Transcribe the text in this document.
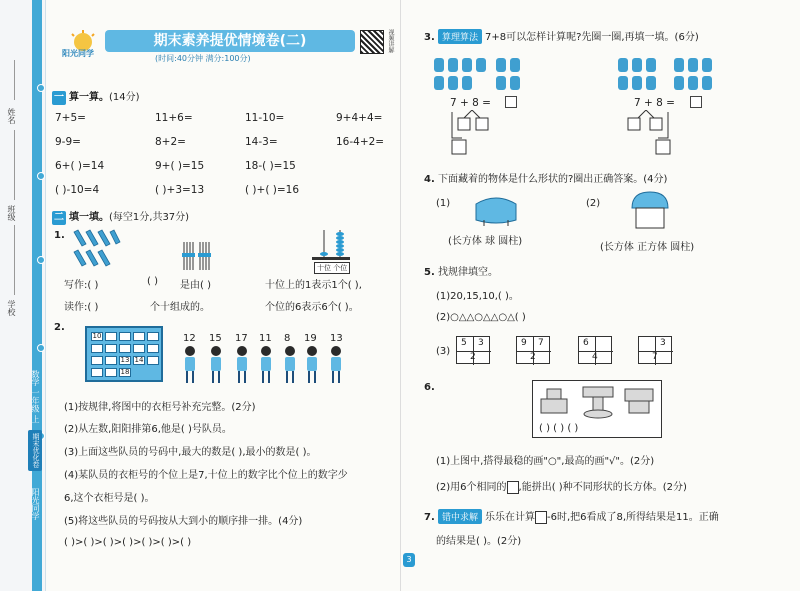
姓名
班级
学校
数学 一年级 上
期末优化卷
阳光同学
阳光同学
期末素养提优情境卷(二)
(时间:40分钟 满分:100分)
视频讲解
一 算一算。(14分)
7+5=	11+6=	11-10=	9+4+4=
9-9=	8+2=	14-3=	16-4+2=
6+( )=14	9+( )=15	18-( )=15
( )-10=4	( )+3=13	( )+( )=16
二 填一填。(每空1分,共37分)
1.
十位 个位
写作:( )	( ) 是由( )	十位上的1表示1个( ),
读作:( )	个十组成的。	个位的6表示6个( )。
2.
10
13 14
18
12 15 17 11 8 19 13
(1)按规律,将图中的衣柜号补充完整。(2分)
(2)从左数,阳阳排第6,他是( )号队员。
(3)上面这些队员的号码中,最大的数是( ),最小的数是( )。
(4)某队员的衣柜号的个位上是7,十位上的数字比个位上的数字少
6,这个衣柜号是( )。
(5)将这些队员的号码按从大到小的顺序排一排。(4分)
( )>( )>( )>( )>( )>( )>( )
3. 算理算法 7+8可以怎样计算呢?先圈一圈,再填一填。(6分)
7 + 8 =	7 + 8 =
4. 下面藏着的物体是什么形状的?圈出正确答案。(4分)
(1)
(长方体 球 圆柱)
(2)
(长方体 正方体 圆柱)
5. 找规律填空。
(1)20,15,10,( )。
(2)○△△○△△○△( )
(3)
5 3
2
9 7
2
6
4
3
7
6.
( ) ( ) ( )
(1)上图中,搭得最稳的画"○",最高的画"√"。(2分)
(2)用6个相同的 ,能拼出( )种不同形状的长方体。(2分)
7. 错中求解 乐乐在计算 -6时,把6看成了8,所得结果是11。正确
的结果是( )。(2分)
3
